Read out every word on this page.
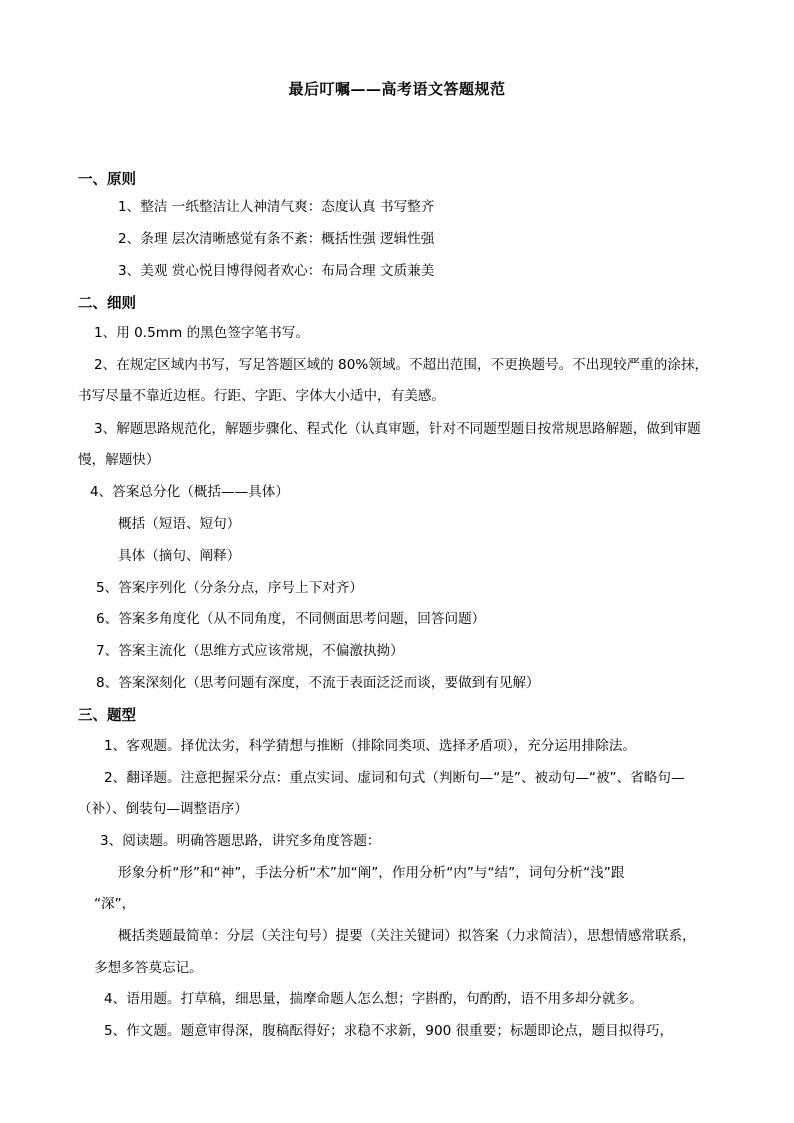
最后叮嘱——高考语文答题规范
一、原则
1、整洁 一纸整洁让人神清气爽：态度认真 书写整齐
2、条理 层次清晰感觉有条不紊：概括性强 逻辑性强
3、美观 赏心悦目博得阅者欢心：布局合理 文质兼美
二、细则
1、用 0.5mm 的黑色签字笔书写。
2、在规定区域内书写，写足答题区域的 80%领域。不超出范围，不更换题号。不出现较严重的涂抹，
书写尽量不靠近边框。行距、字距、字体大小适中，有美感。
3、解题思路规范化，解题步骤化、程式化（认真审题，针对不同题型题目按常规思路解题，做到审题
慢，解题快）
4、答案总分化（概括——具体）
概括（短语、短句）
具体（摘句、阐释）
5、答案序列化（分条分点，序号上下对齐）
6、答案多角度化（从不同角度，不同侧面思考问题，回答问题）
7、答案主流化（思维方式应该常规，不偏激执拗）
8、答案深刻化（思考问题有深度，不流于表面泛泛而谈，要做到有见解）
三、题型
1、客观题。择优汰劣，科学猜想与推断（排除同类项、选择矛盾项），充分运用排除法。
2、翻译题。注意把握采分点：重点实词、虚词和句式（判断句—“是”、被动句—“被”、省略句—
（补）、倒装句—调整语序）
3、阅读题。明确答题思路，讲究多角度答题：
形象分析“形”和“神”，手法分析“术”加“阐”，作用分析“内”与“结”，词句分析“浅”跟
“深”，
概括类题最简单：分层（关注句号）提要（关注关键词）拟答案（力求简洁），思想情感常联系，
多想多答莫忘记。
4、语用题。打草稿，细思量，揣摩命题人怎么想；字斟酌，句酌酌，语不用多却分就多。
5、作文题。题意审得深，腹稿酝得好；求稳不求新，900 很重要；标题即论点，题目拟得巧，
